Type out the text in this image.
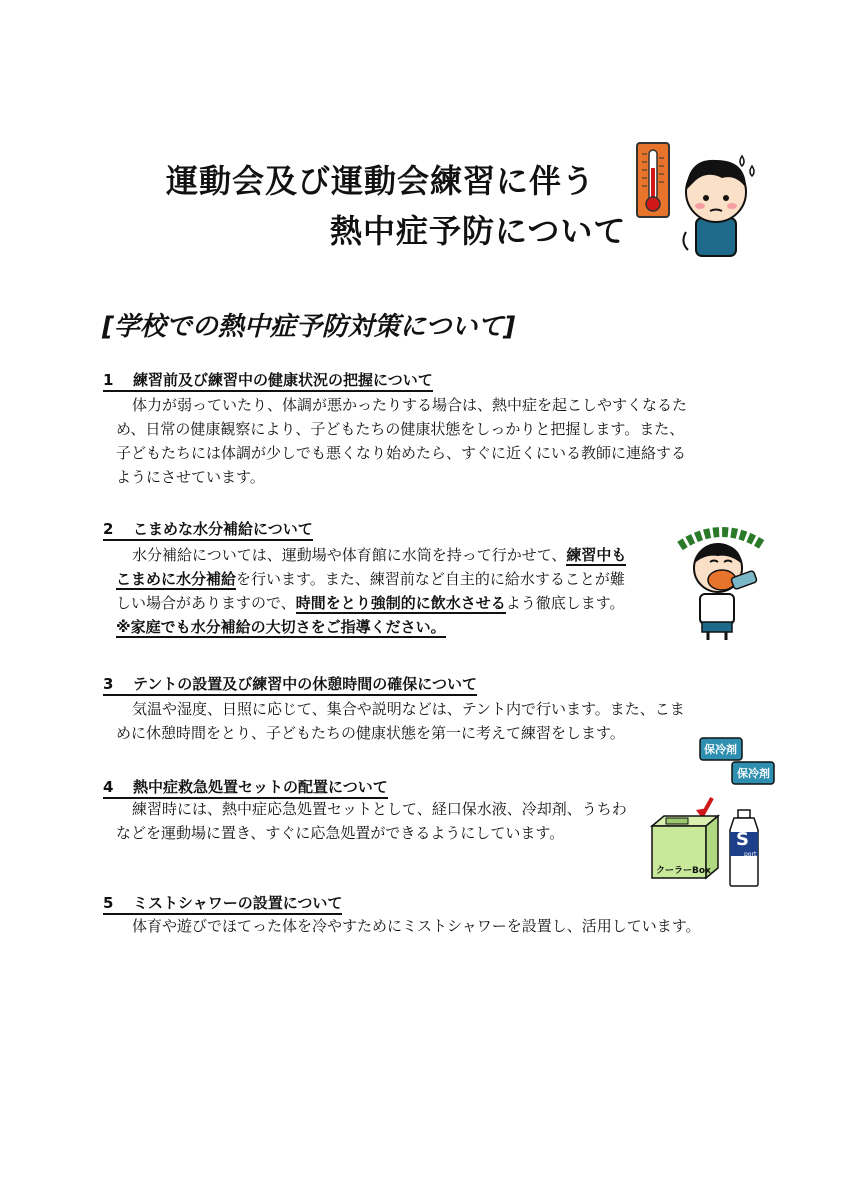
運動会及び運動会練習に伴う
熱中症予防について
[学校での熱中症予防対策について]
1 練習前及び練習中の健康状況の把握について
体力が弱っていたり、体調が悪かったりする場合は、熱中症を起こしやすくなるた
め、日常の健康観察により、子どもたちの健康状態をしっかりと把握します。また、
子どもたちには体調が少しでも悪くなり始めたら、すぐに近くにいる教師に連絡する
ようにさせています。
2 こまめな水分補給について
水分補給については、運動場や体育館に水筒を持って行かせて、練習中も
こまめに水分補給を行います。また、練習前など自主的に給水することが難
しい場合がありますので、時間をとり強制的に飲水させるよう徹底します。
※家庭でも水分補給の大切さをご指導ください。
3 テントの設置及び練習中の休憩時間の確保について
気温や湿度、日照に応じて、集合や説明などは、テント内で行います。また、こま
めに休憩時間をとり、子どもたちの健康状態を第一に考えて練習をします。
保冷剤
保冷剤
4 熱中症救急処置セットの配置について
練習時には、熱中症応急処置セットとして、経口保水液、冷却剤、うちわ
などを運動場に置き、すぐに応急処置ができるようにしています。
クーラーBox
S
port
5 ミストシャワーの設置について
体育や遊びでほてった体を冷やすためにミストシャワーを設置し、活用しています。
